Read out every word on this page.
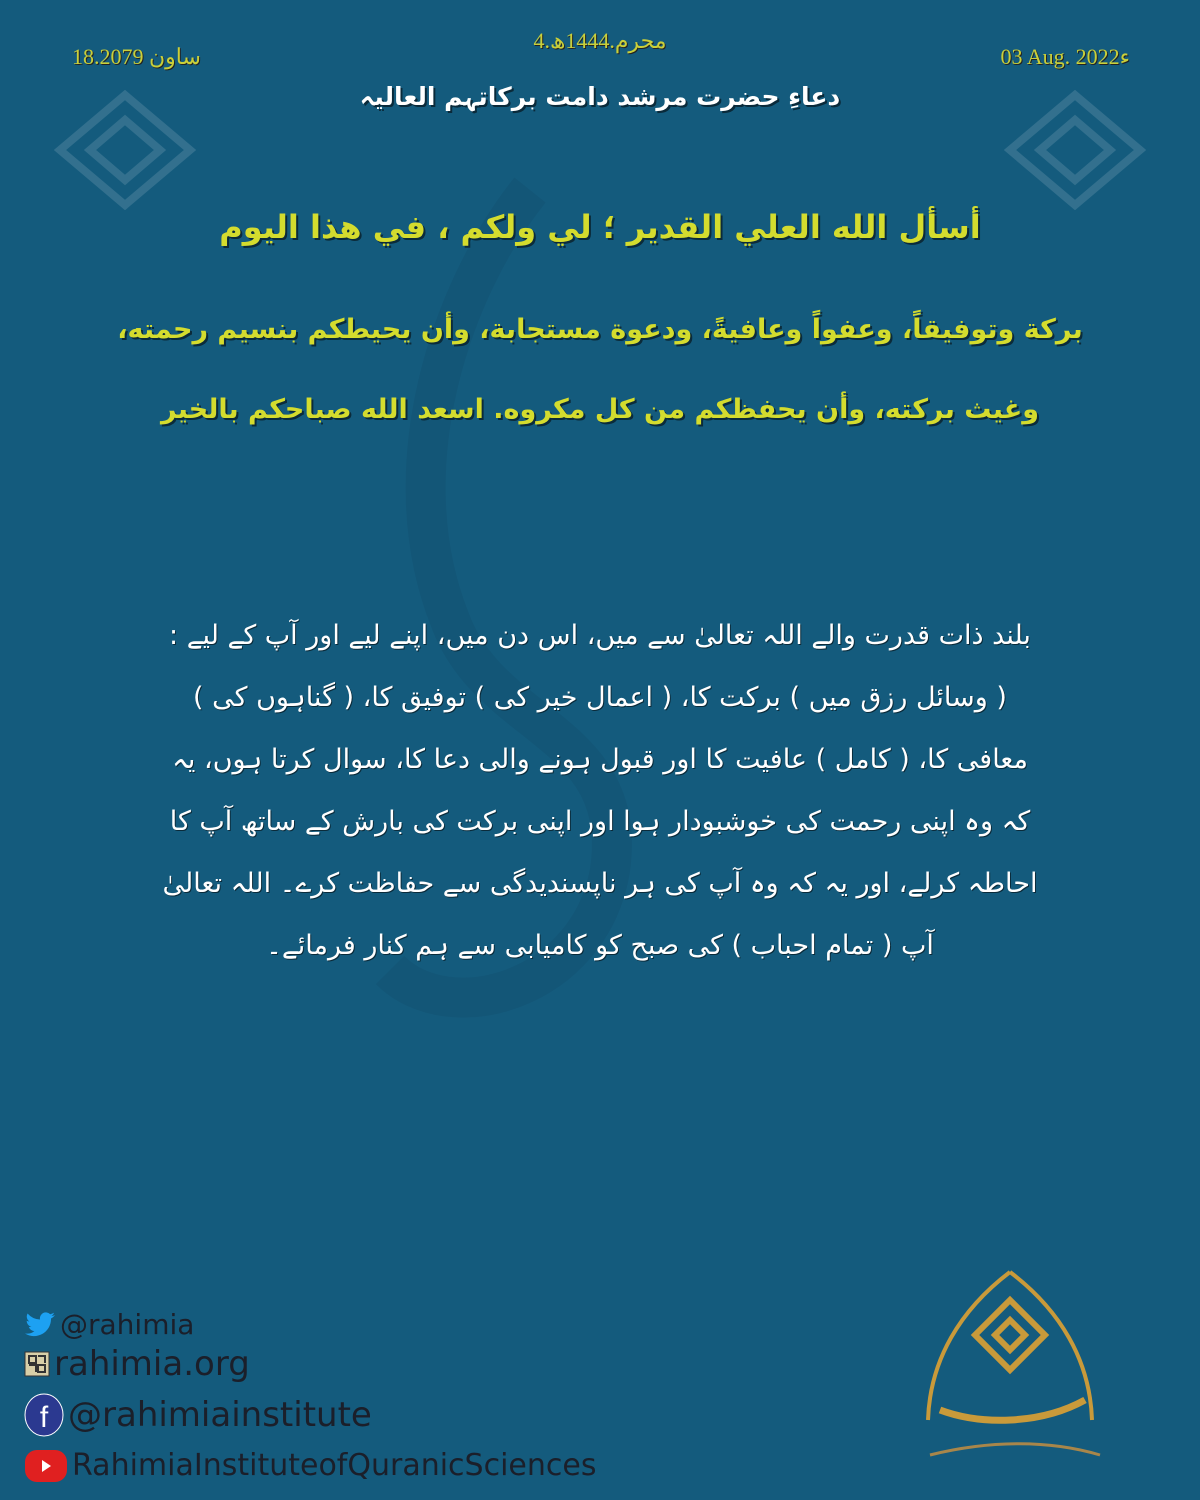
4.محرم.1444ھ
18.ساون 2079	03 Aug. 2022ء
دعاءِ حضرت مرشد دامت برکاتہم العالیہ
أسأل الله العلي القدير ؛ لي ولكم ، في هذا اليوم
بركة وتوفيقاً، وعفواً وعافيةً، ودعوة مستجابة، وأن يحيطكم بنسيم رحمته، وغيث بركته، وأن يحفظكم من كل مكروه. اسعد الله صباحكم بالخير
بلند ذات قدرت والے اللہ تعالیٰ سے میں، اس دن میں، اپنے لیے اور آپ کے لیے : ( وسائل رزق میں ) برکت کا، ( اعمال خیر کی ) توفیق کا، ( گناہوں کی ) معافی کا، ( کامل ) عافیت کا اور قبول ہونے والی دعا کا، سوال کرتا ہوں، یہ کہ وہ اپنی رحمت کی خوشبودار ہوا اور اپنی برکت کی بارش کے ساتھ آپ کا احاطہ کرلے، اور یہ کہ وہ آپ کی ہر ناپسندیدگی سے حفاظت کرے۔ اللہ تعالیٰ آپ ( تمام احباب ) کی صبح کو کامیابی سے ہم کنار فرمائے۔
@rahimia
rahimia.org
f @rahimiainstitute
RahimiaInstituteofQuranicSciences
